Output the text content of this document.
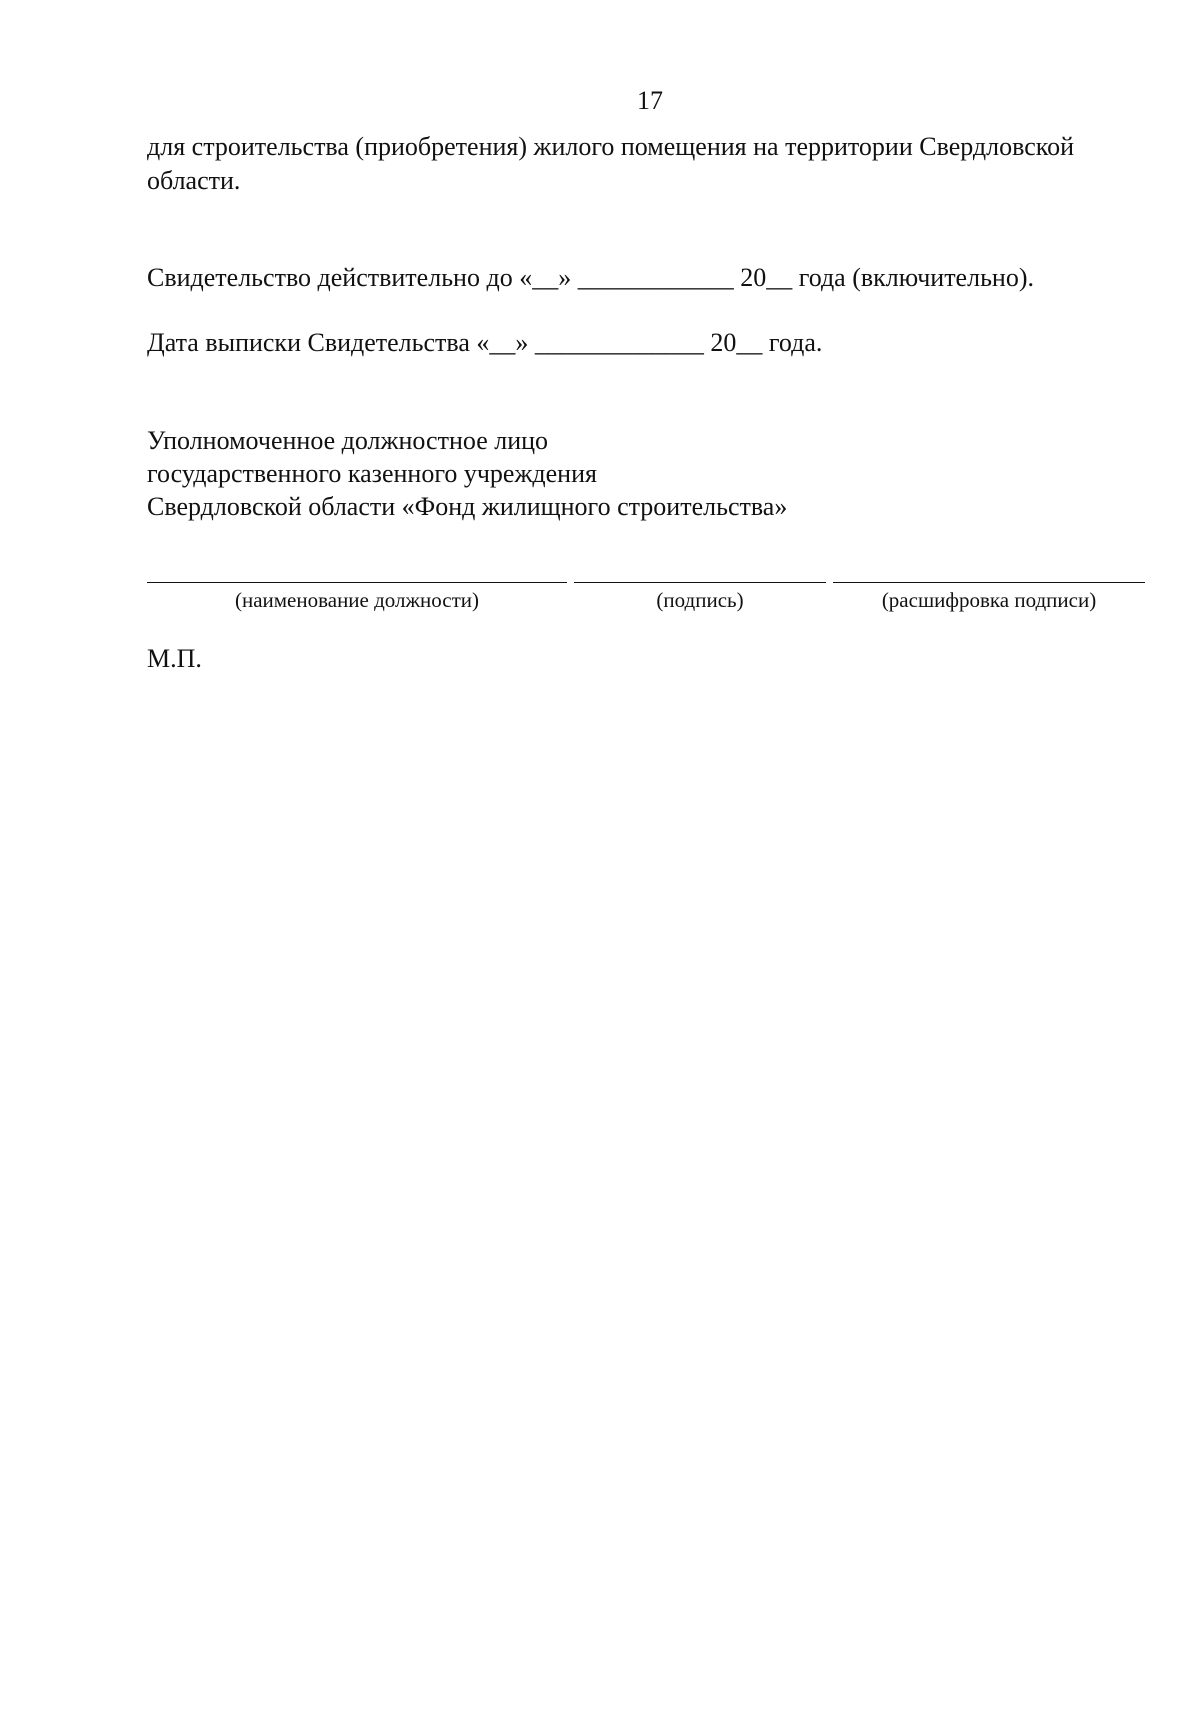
17
для строительства (приобретения) жилого помещения на территории Свердловской
области.
Свидетельство действительно до «__» ____________ 20__ года (включительно).
Дата выписки Свидетельства «__» _____________ 20__ года.
Уполномоченное должностное лицо
государственного казенного учреждения
Свердловской области «Фонд жилищного строительства»
(наименование должности)	(подпись)	(расшифровка подписи)
М.П.
